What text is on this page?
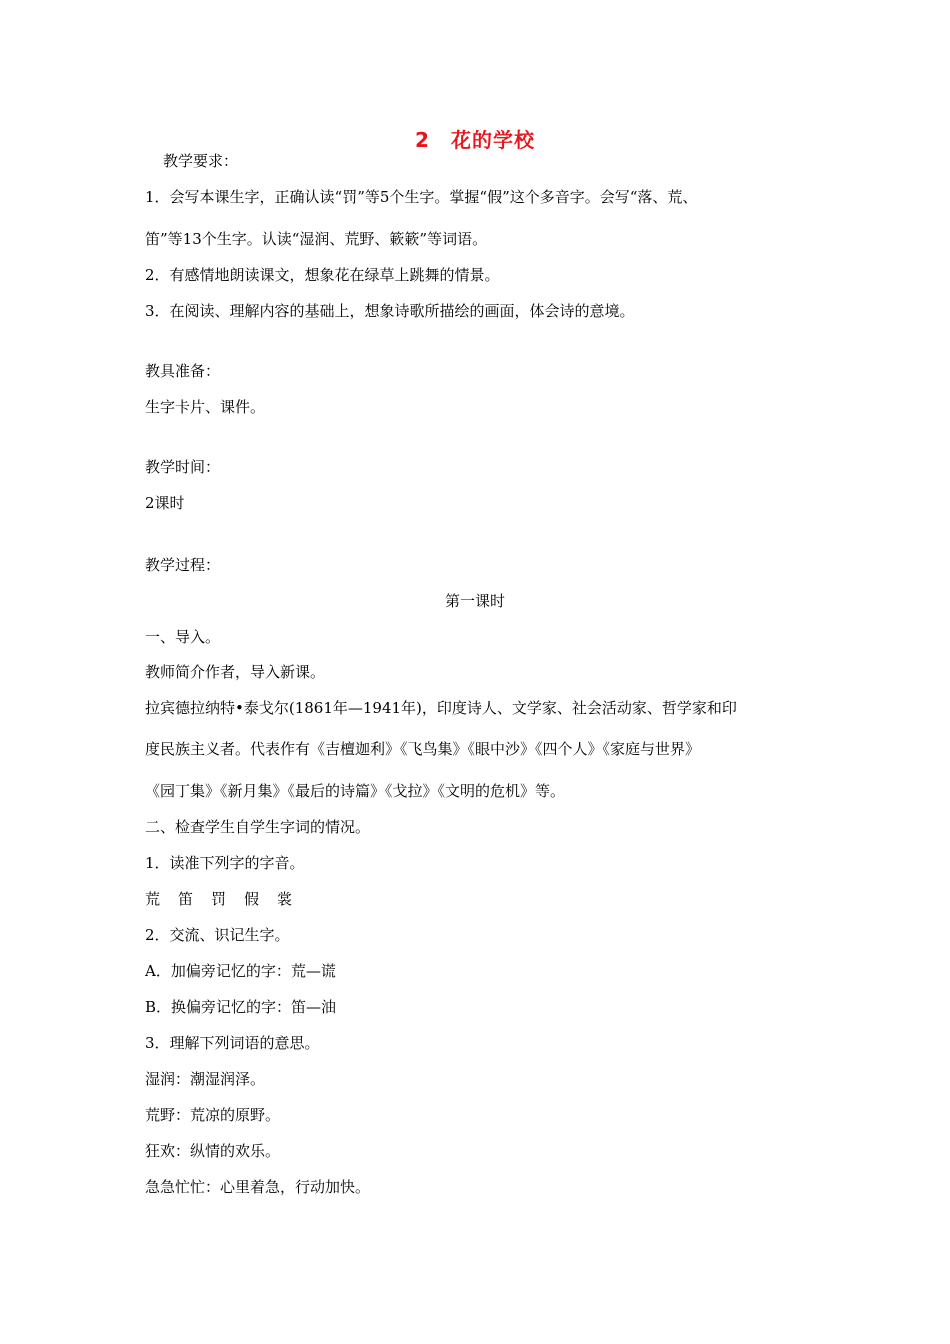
2　花的学校
教学要求：
1．会写本课生字，正确认读“罚”等5个生字。掌握“假”这个多音字。会写“落、荒、
笛”等13个生字。认读“湿润、荒野、簌簌”等词语。
2．有感情地朗读课文，想象花在绿草上跳舞的情景。
3．在阅读、理解内容的基础上，想象诗歌所描绘的画面，体会诗的意境。
教具准备：
生字卡片、课件。
教学时间：
2课时
教学过程：
第一课时
一、导入。
教师简介作者，导入新课。
拉宾德拉纳特•泰戈尔(1861年—1941年)，印度诗人、文学家、社会活动家、哲学家和印
度民族主义者。代表作有《吉檀迦利》《飞鸟集》《眼中沙》《四个人》《家庭与世界》
《园丁集》《新月集》《最后的诗篇》《戈拉》《文明的危机》等。
二、检查学生自学生字词的情况。
1．读准下列字的字音。
荒 笛 罚 假 裳
2．交流、识记生字。
A．加偏旁记忆的字：荒—谎
B．换偏旁记忆的字：笛—油
3．理解下列词语的意思。
湿润：潮湿润泽。
荒野：荒凉的原野。
狂欢：纵情的欢乐。
急急忙忙：心里着急，行动加快。
